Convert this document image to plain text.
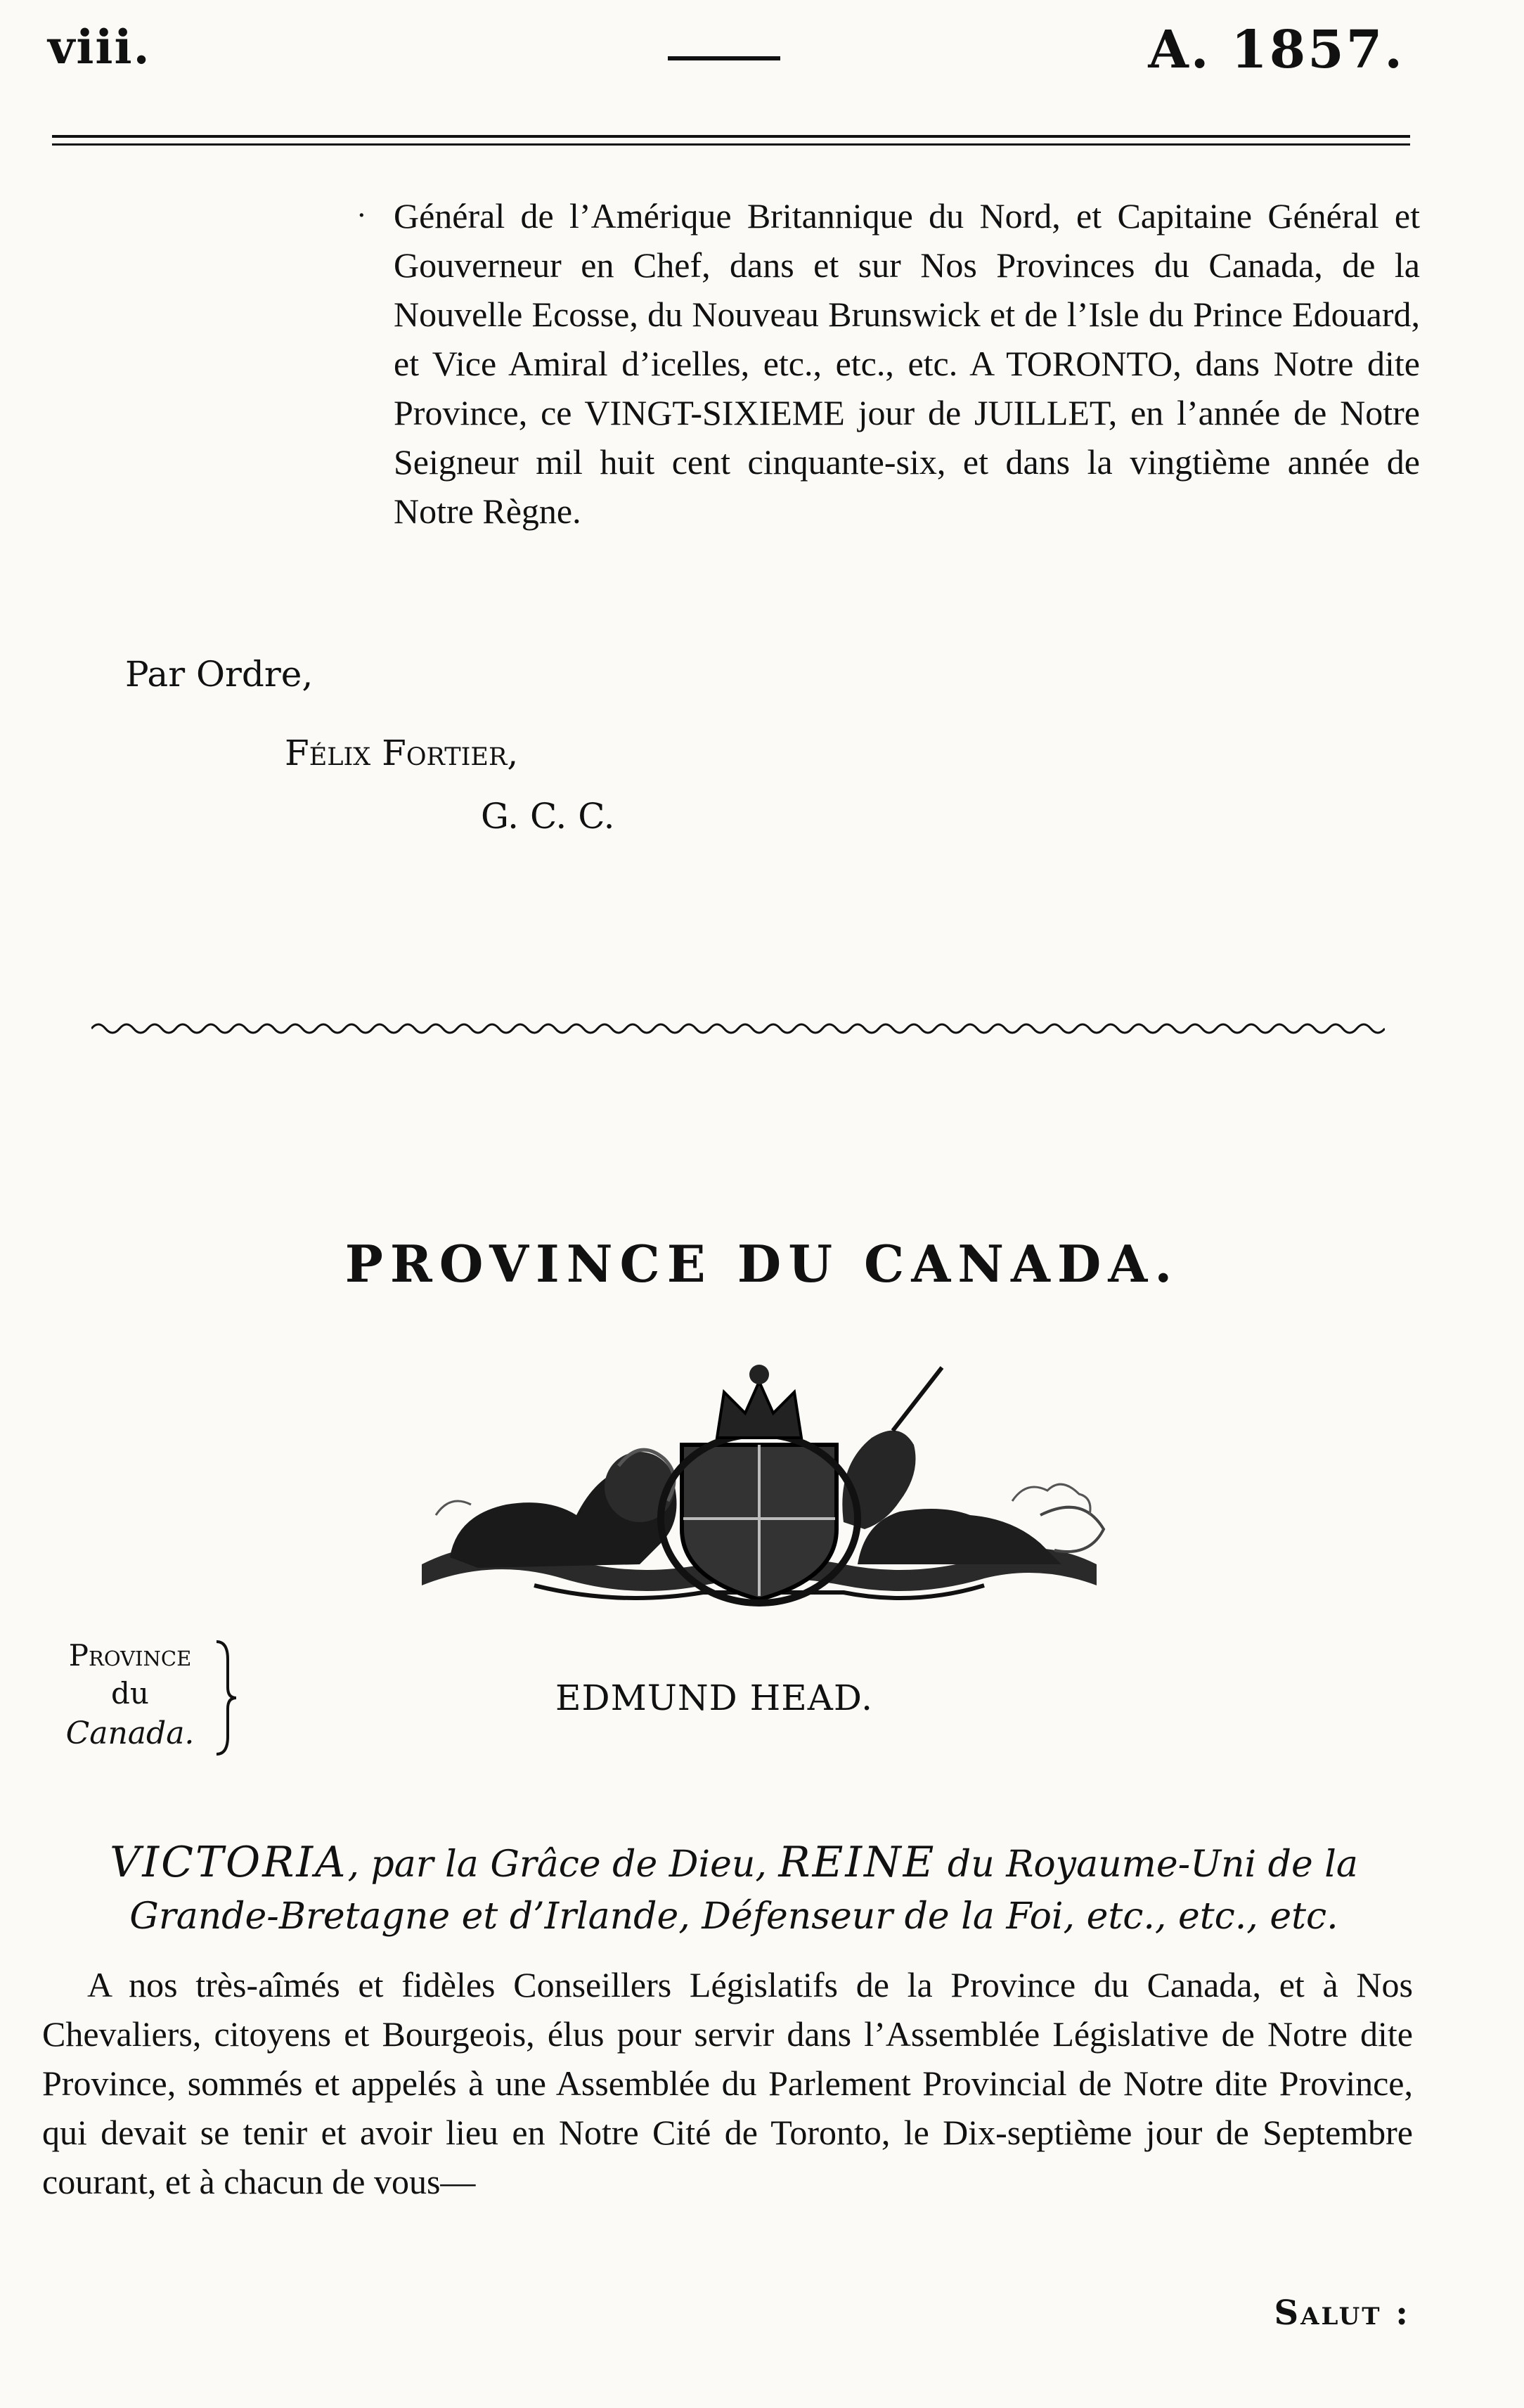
viii.	A. 1857.
· Général de l’Amérique Britannique du Nord, et Capitaine Général et Gouverneur en Chef, dans et sur Nos Provinces du Canada, de la Nouvelle Ecosse, du Nouveau Brunswick et de l’Isle du Prince Edouard, et Vice Amiral d’icelles, etc., etc., etc. A TORONTO, dans Notre dite Province, ce VINGT-SIXIEME jour de JUILLET, en l’année de Notre Seigneur mil huit cent cinquante-six, et dans la vingtième année de Notre Règne.
Par Ordre,
Félix Fortier,
G. C. C.
PROVINCE DU CANADA.
Province
du
Canada.
EDMUND HEAD.
VICTORIA, par la Grâce de Dieu, REINE du Royaume-Uni de la Grande-Bretagne et d’Irlande, Défenseur de la Foi, etc., etc., etc.
A nos très-aîmés et fidèles Conseillers Législatifs de la Province du Canada, et à Nos Chevaliers, citoyens et Bourgeois, élus pour servir dans l’Assemblée Législative de Notre dite Province, sommés et appelés à une Assemblée du Parlement Provincial de Notre dite Province, qui devait se tenir et avoir lieu en Notre Cité de Toronto, le Dix-septième jour de Septembre courant, et à chacun de vous—
Salut :
